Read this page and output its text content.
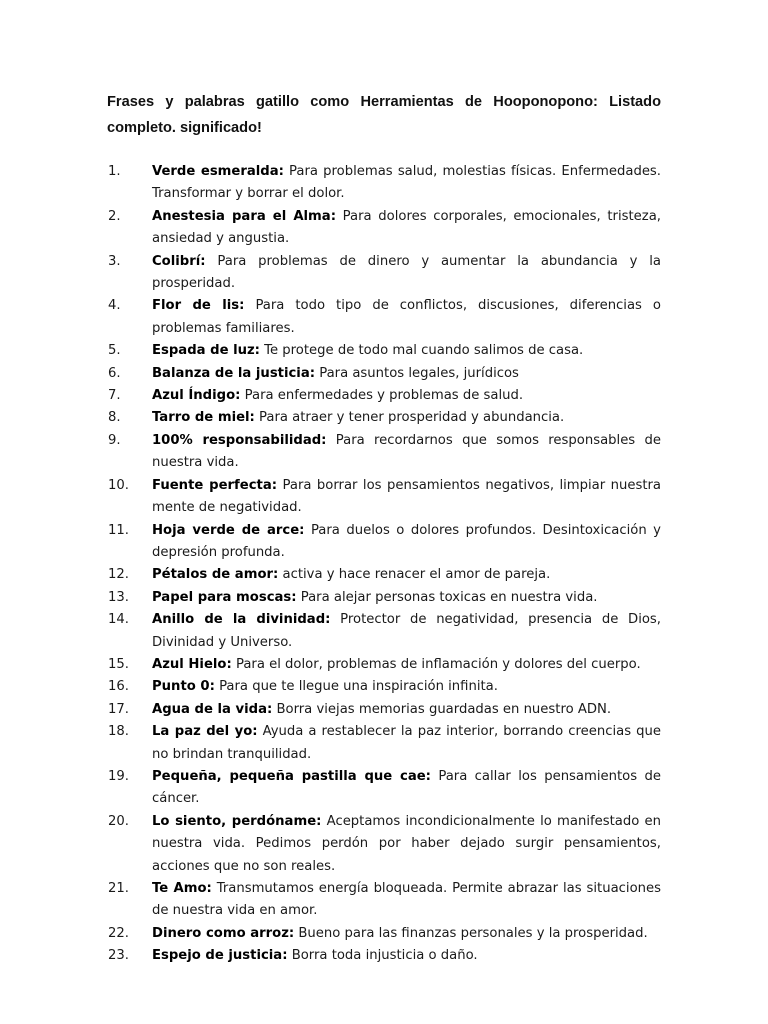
Frases y palabras gatillo como Herramientas de Hooponopono: Listado completo. significado!
1.	Verde esmeralda: Para problemas salud, molestias físicas. Enfermedades. Transformar y borrar el dolor.
2.	Anestesia para el Alma: Para dolores corporales, emocionales, tristeza, ansiedad y angustia.
3.	Colibrí: Para problemas de dinero y aumentar la abundancia y la prosperidad.
4.	Flor de lis: Para todo tipo de conflictos, discusiones, diferencias o problemas familiares.
5.	Espada de luz: Te protege de todo mal cuando salimos de casa.
6.	Balanza de la justicia: Para asuntos legales, jurídicos
7.	Azul Índigo: Para enfermedades y problemas de salud.
8.	Tarro de miel: Para atraer y tener prosperidad y abundancia.
9.	100% responsabilidad: Para recordarnos que somos responsables de nuestra vida.
10.	Fuente perfecta: Para borrar los pensamientos negativos, limpiar nuestra mente de negatividad.
11.	Hoja verde de arce: Para duelos o dolores profundos. Desintoxicación y depresión profunda.
12.	Pétalos de amor: activa y hace renacer el amor de pareja.
13.	Papel para moscas: Para alejar personas toxicas en nuestra vida.
14.	Anillo de la divinidad: Protector de negatividad, presencia de Dios, Divinidad y Universo.
15.	Azul Hielo: Para el dolor, problemas de inflamación y dolores del cuerpo.
16.	Punto 0: Para que te llegue una inspiración infinita.
17.	Agua de la vida: Borra viejas memorias guardadas en nuestro ADN.
18.	La paz del yo: Ayuda a restablecer la paz interior, borrando creencias que no brindan tranquilidad.
19.	Pequeña, pequeña pastilla que cae: Para callar los pensamientos de cáncer.
20.	Lo siento, perdóname: Aceptamos incondicionalmente lo manifestado en nuestra vida. Pedimos perdón por haber dejado surgir pensamientos, acciones que no son reales.
21.	Te Amo: Transmutamos energía bloqueada. Permite abrazar las situaciones de nuestra vida en amor.
22.	Dinero como arroz: Bueno para las finanzas personales y la prosperidad.
23.	Espejo de justicia: Borra toda injusticia o daño.
